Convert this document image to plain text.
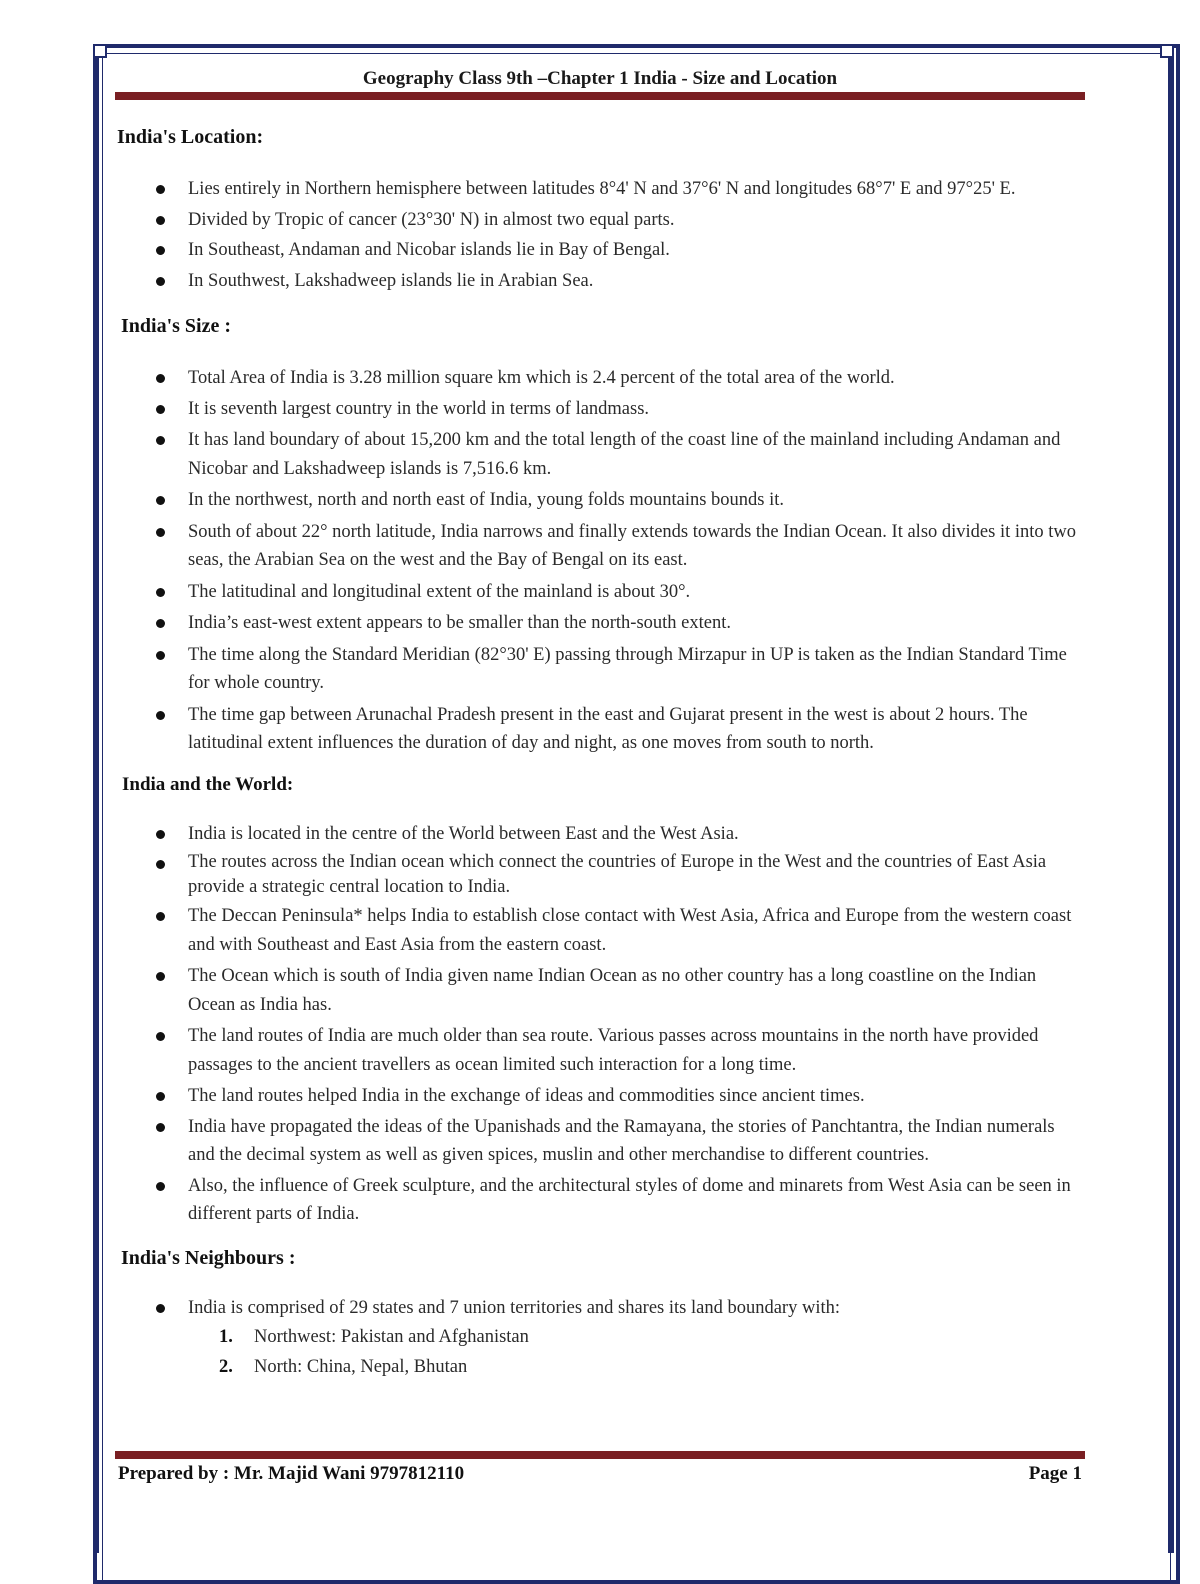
Geography Class 9th –Chapter 1 India - Size and Location
India's Location:
Lies entirely in Northern hemisphere between latitudes 8°4' N and 37°6' N and longitudes 68°7' E and 97°25' E.
Divided by Tropic of cancer (23°30' N) in almost two equal parts.
In Southeast, Andaman and Nicobar islands lie in Bay of Bengal.
In Southwest, Lakshadweep islands lie in Arabian Sea.
India's Size :
Total Area of India is 3.28 million square km which is 2.4 percent of the total area of the world.
It is seventh largest country in the world in terms of landmass.
It has land boundary of about 15,200 km and the total length of the coast line of the mainland including Andaman and Nicobar and Lakshadweep islands is 7,516.6 km.
In the northwest, north and north east of India, young folds mountains bounds it.
South of about 22° north latitude, India narrows and finally extends towards the Indian Ocean. It also divides it into two seas, the Arabian Sea on the west and the Bay of Bengal on its east.
The latitudinal and longitudinal extent of the mainland is about 30°.
India’s east-west extent appears to be smaller than the north-south extent.
The time along the Standard Meridian (82°30' E) passing through Mirzapur in UP is taken as the Indian Standard Time for whole country.
The time gap between Arunachal Pradesh present in the east and Gujarat present in the west is about 2 hours. The latitudinal extent influences the duration of day and night, as one moves from south to north.
India and the World:
India is located in the centre of the World between East and the West Asia.
The routes across the Indian ocean which connect the countries of Europe in the West and the countries of East Asia provide a strategic central location to India.
The Deccan Peninsula* helps India to establish close contact with West Asia, Africa and Europe from the western coast and with Southeast and East Asia from the eastern coast.
The Ocean which is south of India given name Indian Ocean as no other country has a long coastline on the Indian Ocean as India has.
The land routes of India are much older than sea route. Various passes across mountains in the north have provided passages to the ancient travellers as ocean limited such interaction for a long time.
The land routes helped India in the exchange of ideas and commodities since ancient times.
India have propagated the ideas of the Upanishads and the Ramayana, the stories of Panchtantra, the Indian numerals and the decimal system as well as given spices, muslin and other merchandise to different countries.
Also, the influence of Greek sculpture, and the architectural styles of dome and minarets from West Asia can be seen in different parts of India.
India's Neighbours :
India is comprised of 29 states and 7 union territories and shares its land boundary with:
1. Northwest: Pakistan and Afghanistan
2. North: China, Nepal, Bhutan
Prepared by : Mr. Majid Wani 9797812110	Page 1
